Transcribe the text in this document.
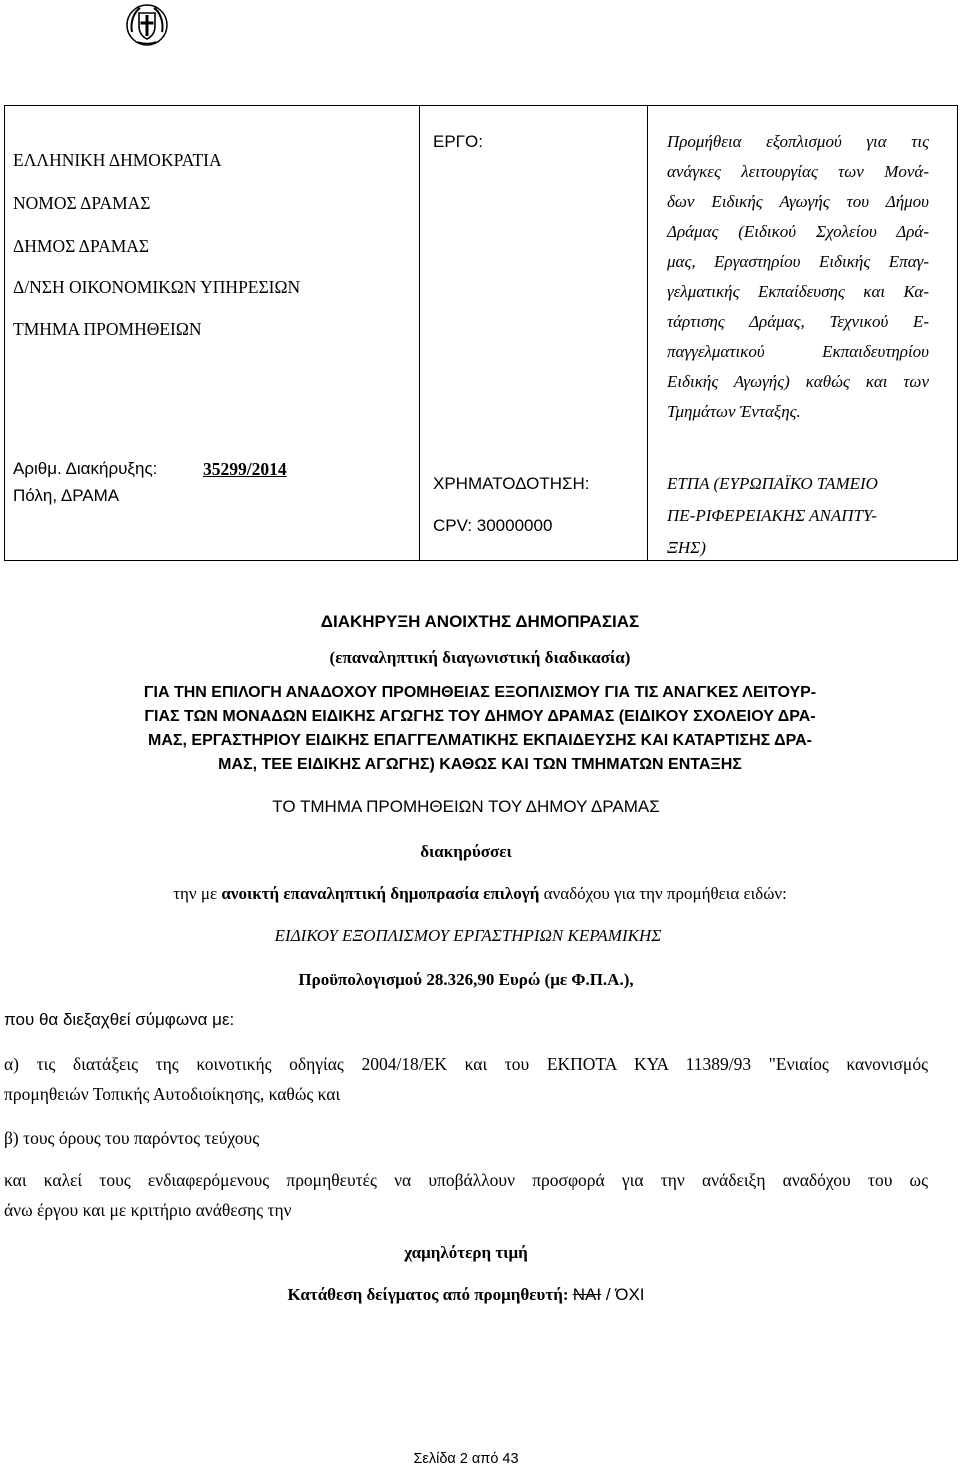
ΕΛΛΗΝΙΚΗ ΔΗΜΟΚΡΑΤΙΑ
ΝΟΜΟΣ ΔΡΑΜΑΣ
ΔΗΜΟΣ ΔΡΑΜΑΣ
Δ/ΝΣΗ ΟΙΚΟΝΟΜΙΚΩΝ ΥΠΗΡΕΣΙΩΝ
ΤΜΗΜΑ ΠΡΟΜΗΘΕΙΩΝ
ΕΡΓΟ:	Προμήθεια εξοπλισμού για τις
ανάγκες λειτουργίας των Μονά-
δων Ειδικής Αγωγής του Δήμου
Δράμας (Ειδικού Σχολείου Δρά-
μας, Εργαστηρίου Ειδικής Επαγ-
γελματικής Εκπαίδευσης και Κα-
τάρτισης Δράμας, Τεχνικού Ε-
παγγελματικού Εκπαιδευτηρίου
Ειδικής Αγωγής) καθώς και των
Τμημάτων Ένταξης.
Αριθμ. Διακήρυξης:	35299/2014
Πόλη, ΔΡΑΜΑ
ΧΡΗΜΑΤΟΔΟΤΗΣΗ:
CPV: 30000000
ΕΤΠΑ (ΕΥΡΩΠΑΪΚΟ ΤΑΜΕΙΟ
ΠΕ-ΡΙΦΕΡΕΙΑΚΗΣ ΑΝΑΠΤΥ-
ΞΗΣ)
ΔΙΑΚΗΡΥΞΗ ΑΝΟΙΧΤΗΣ ΔΗΜΟΠΡΑΣΙΑΣ
(επαναληπτική διαγωνιστική διαδικασία)
ΓΙΑ ΤΗΝ ΕΠΙΛΟΓΗ ΑΝΑΔΟΧΟΥ ΠΡΟΜΗΘΕΙΑΣ ΕΞΟΠΛΙΣΜΟΥ ΓΙΑ ΤΙΣ ΑΝΑΓΚΕΣ ΛΕΙΤΟΥΡ-
ΓΙΑΣ ΤΩΝ ΜΟΝΑΔΩΝ ΕΙΔΙΚΗΣ ΑΓΩΓΗΣ ΤΟΥ ΔΗΜΟΥ ΔΡΑΜΑΣ (ΕΙΔΙΚΟΥ ΣΧΟΛΕΙΟΥ ΔΡΑ-
ΜΑΣ, ΕΡΓΑΣΤΗΡΙΟΥ ΕΙΔΙΚΗΣ ΕΠΑΓΓΕΛΜΑΤΙΚΗΣ ΕΚΠΑΙΔΕΥΣΗΣ ΚΑΙ ΚΑΤΑΡΤΙΣΗΣ ΔΡΑ-
ΜΑΣ, ΤΕΕ ΕΙΔΙΚΗΣ ΑΓΩΓΗΣ) ΚΑΘΩΣ ΚΑΙ ΤΩΝ ΤΜΗΜΑΤΩΝ ΕΝΤΑΞΗΣ
ΤΟ ΤΜΗΜΑ ΠΡΟΜΗΘΕΙΩΝ ΤΟΥ ΔΗΜΟΥ ΔΡΑΜΑΣ
διακηρύσσει
την με ανοικτή επαναληπτική δημοπρασία επιλογή αναδόχου για την προμήθεια ειδών:
ΕΙΔΙΚΟΥ ΕΞΟΠΛΙΣΜΟΥ ΕΡΓΑΣΤΗΡΙΩΝ ΚΕΡΑΜΙΚΗΣ
Προϋπολογισμού 28.326,90 Ευρώ (με Φ.Π.Α.),
που θα διεξαχθεί σύμφωνα με:
α) τις διατάξεις της κοινοτικής οδηγίας 2004/18/ΕΚ και του ΕΚΠΟΤΑ ΚΥΑ 11389/93 "Ενιαίος κανονισμός
προμηθειών Τοπικής Αυτοδιοίκησης, καθώς και
β) τους όρους του παρόντος τεύχους
και καλεί τους ενδιαφερόμενους προμηθευτές να υποβάλλουν προσφορά για την ανάδειξη αναδόχου του ως
άνω έργου και με κριτήριο ανάθεσης την
χαμηλότερη τιμή
Κατάθεση δείγματος από προμηθευτή: ΝΑΙ / ΌΧΙ
Σελίδα 2 από 43
